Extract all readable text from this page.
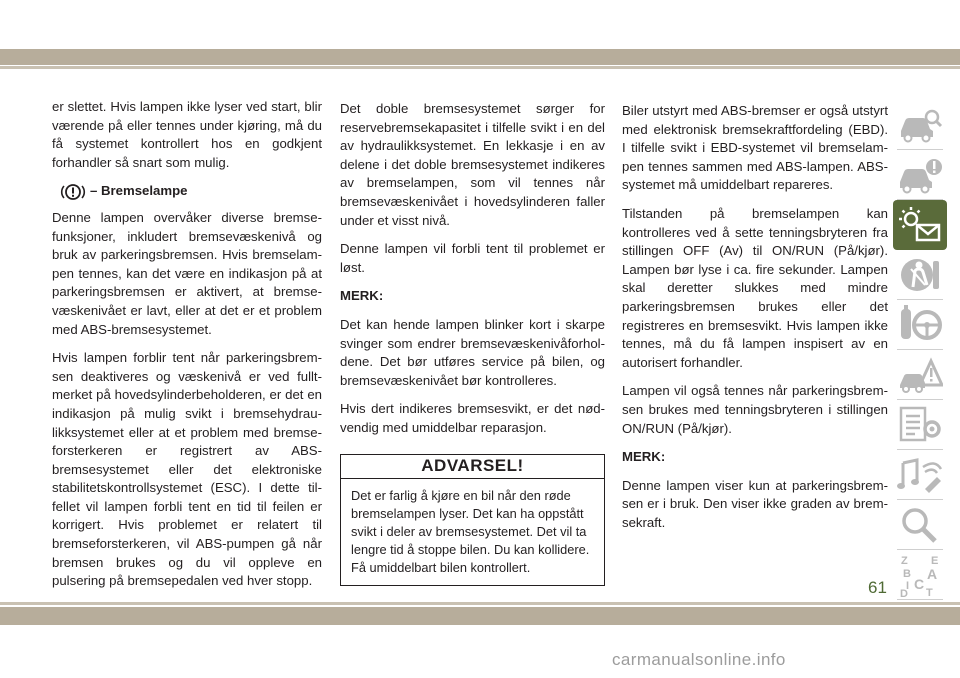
er slettet. Hvis lampen ikke lyser ved start, blir værende på eller tennes under kjøring, må du få systemet kontrollert hos en godkjent forhandler så snart som mulig.

– Bremselampe

Denne lampen overvåker diverse bremsefunksjoner, inkludert bremsevæskenivå og bruk av parkeringsbremsen. Hvis bremselampen tennes, kan det være en indikasjon på at parkeringsbremsen er aktivert, at bremsevæskenivået er lavt, eller at det er et problem med ABS-bremsesystemet.

Hvis lampen forblir tent når parkeringsbremsen deaktiveres og væskenivå er ved fullt-merket på hovedsylinderbeholderen, er det en indikasjon på mulig svikt i bremsehydraulikksystemet eller at et problem med bremseforsterkeren er registrert av ABS-bremsesystemet eller det elektroniske stabilitetskontrollsystemet (ESC). I dette tilfellet vil lampen forbli tent en tid til feilen er korrigert. Hvis problemet er relatert til bremseforsterkeren, vil ABS-pumpen gå når bremsen brukes og du vil oppleve en pulsering på bremsepedalen ved hver stopp.

Det doble bremsesystemet sørger for reservebremsekapasitet i tilfelle svikt i en del av hydraulikksystemet. En lekkasje i en av delene i det doble bremsesystemet indikeres av bremselampen, som vil tennes når bremsevæskenivået i hovedsylinderen faller under et visst nivå.

Denne lampen vil forbli tent til problemet er løst.

MERK:

Det kan hende lampen blinker kort i skarpe svinger som endrer bremsevæskenivåforholdene. Det bør utføres service på bilen, og bremsevæskenivået bør kontrolleres.

Hvis dert indikeres bremsesvikt, er det nødvendig med umiddelbar reparasjon.

ADVARSEL!
Det er farlig å kjøre en bil når den røde bremselampen lyser. Det kan ha oppstått svikt i deler av bremsesystemet. Det vil ta lengre tid å stoppe bilen. Du kan kollidere. Få umiddelbart bilen kontrollert.

Biler utstyrt med ABS-bremser er også utstyrt med elektronisk bremsekraftfordeling (EBD). I tilfelle svikt i EBD-systemet vil bremselampen tennes sammen med ABS-lampen. ABS-systemet må umiddelbart repareres.

Tilstanden på bremselampen kan kontrolleres ved å sette tenningsbryteren fra stillingen OFF (Av) til ON/RUN (På/kjør). Lampen bør lyse i ca. fire sekunder. Lampen skal deretter slukkes med mindre parkeringsbremsen brukes eller det registreres en bremsesvikt. Hvis lampen ikke tennes, må du få lampen inspisert av en autorisert forhandler.

Lampen vil også tennes når parkeringsbremsen brukes med tenningsbryteren i stillingen ON/RUN (På/kjør).

MERK:

Denne lampen viser kun at parkeringsbremsen er i bruk. Den viser ikke graden av bremsekraft.

Z E
B A
I C
D T
61
carmanualsonline.info
